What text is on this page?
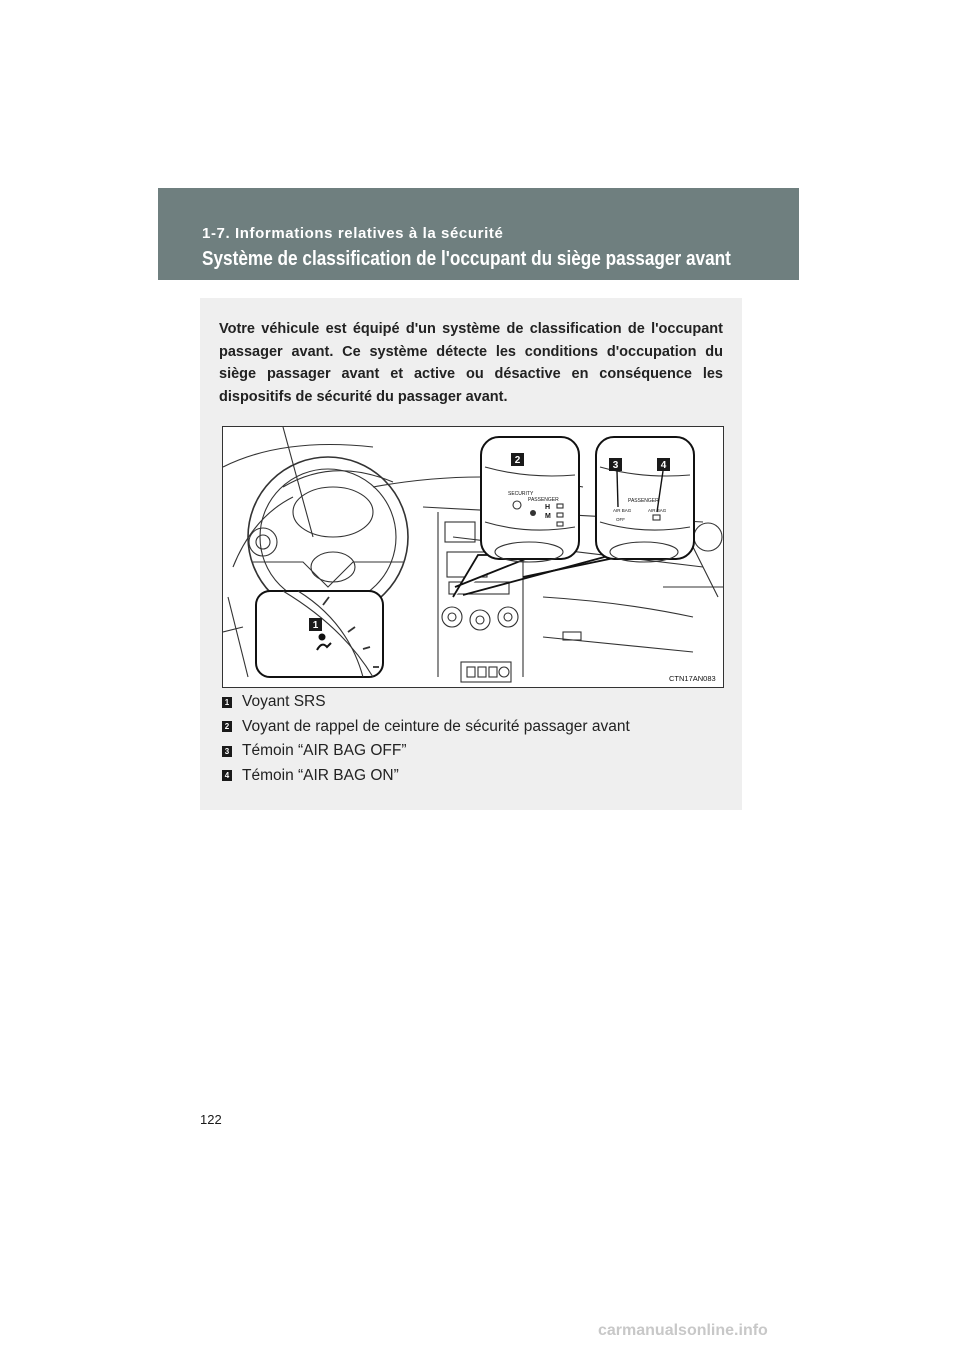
1-7. Informations relatives à la sécurité
Système de classification de l'occupant du siège passager avant
Votre véhicule est équipé d'un système de classification de l'occupant passager avant. Ce système détecte les conditions d'occupation du siège passager avant et active ou désactive en conséquence les dispositifs de sécurité du passager avant.
SECURITY
PASSENGER
H
M
2
PASSENGER
AIR BAG
OFF
AIR BAG
3	4
1
CTN17AN083
1 Voyant SRS
2 Voyant de rappel de ceinture de sécurité passager avant
3 Témoin “AIR BAG OFF”
4 Témoin “AIR BAG ON”
122
carmanualsonline.info
